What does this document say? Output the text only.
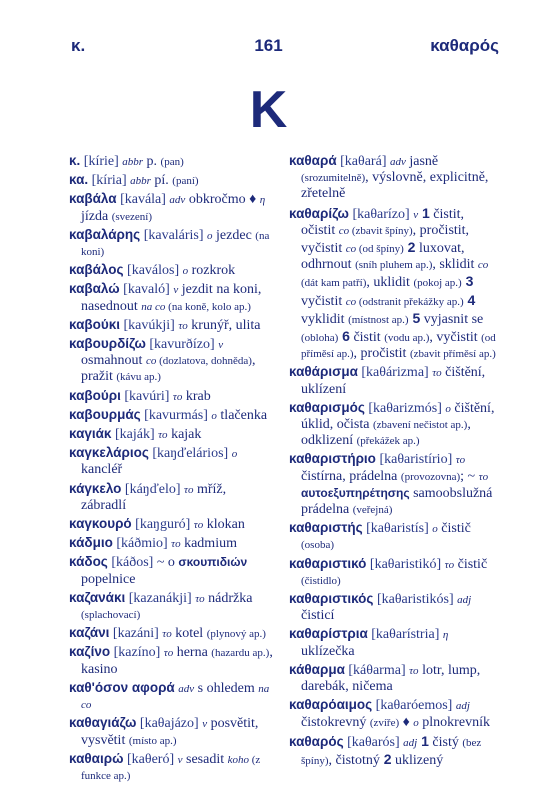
κ.	161	καθαρός
K

κ. [kírie] abbr p. (pan)

κα. [kíria] abbr pí. (paní)

καβάλα [kavála] adv obkročmo ♦ η jízda (svezení)

καβαλάρης [kavaláris] o jezdec (na koni)

καβάλος [kaválos] o rozkrok

καβαλώ [kavaló] v jezdit na koni, nasednout na co (na koně, kolo ap.)

καβούκι [kavúkji] το krunýř, ulita

καβουρδίζω [kavurðízo] v osmahnout co (dozlatova, dohněda), pražit (kávu ap.)

καβούρι [kavúri] το krab

καβουρμάς [kavurmás] o tlačenka

καγιάκ [kaják] το kajak

καγκελάριος [kaŋďelários] o kancléř

κάγκελο [káŋďelo] το mříž, zábradlí

καγκουρό [kaŋguró] το klokan

κάδμιο [káðmio] το kadmium

κάδος [káðos] ~ o σκουπιδιών popelnice

καζανάκι [kazanákji] το nádržka (splachovací)

καζάνι [kazáni] το kotel (plynový ap.)

καζίνο [kazíno] το herna (hazardu ap.), kasino

καθ'όσον αφορά adv s ohledem na co

καθαγιάζω [kaθajázo] v posvětit, vysvětit (místo ap.)

καθαιρώ [kaθeró] v sesadit koho (z funkce ap.)

καθαρά [kaθará] adv jasně (srozumitelně), výslovně, explicitně, zřetelně

καθαρίζω [kaθarízo] v 1 čistit, očistit co (zbavit špíny), pročistit, vyčistit co (od špíny) 2 luxovat, odhrnout (sníh pluhem ap.), sklidit co (dát kam patří), uklidit (pokoj ap.) 3 vyčistit co (odstranit překážky ap.) 4 vyklidit (místnost ap.) 5 vyjasnit se (obloha) 6 čistit (vodu ap.), vyčistit (od příměsí ap.), pročistit (zbavit příměsí ap.)

καθάρισμα [kaθárizma] το čištění, uklízení

καθαρισμός [kaθarizmós] o čištění, úklid, očista (zbavení nečistot ap.), odklizení (překážek ap.)

καθαριστήριο [kaθaristírio] το čistírna, prádelna (provozovna); ~ το αυτοεξυπηρέτησης samoobslužná prádelna (veřejná)

καθαριστής [kaθaristís] o čistič (osoba)

καθαριστικό [kaθaristikó] το čistič (čistidlo)

καθαριστικός [kaθaristikós] adj čisticí

καθαρίστρια [kaθarístria] η uklízečka

κάθαρμα [káθarma] το lotr, lump, darebák, ničema

καθαρόαιμος [kaθaróemos] adj čistokrevný (zvíře) ♦ o plnokrevník

καθαρός [kaθarós] adj 1 čistý (bez špíny), čistotný 2 uklizený
